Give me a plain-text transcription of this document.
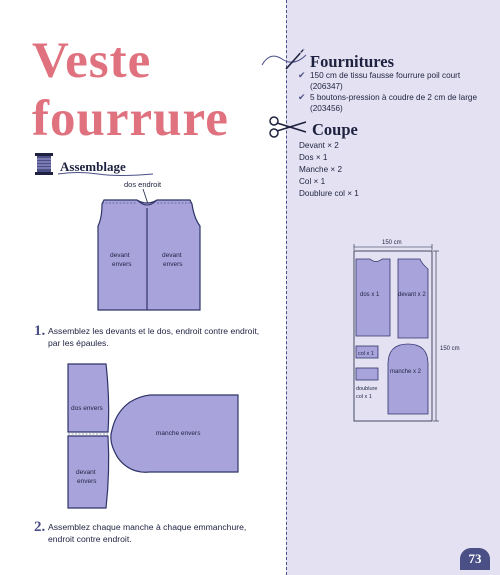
Veste
fourrure
Assemblage
dos endroit
devant
envers
devant
envers
1. Assemblez les devants et le dos, endroit contre endroit, par les épaules.
dos envers
manche envers
devant
envers
2. Assemblez chaque manche à chaque emmanchure, endroit contre endroit.
Fournitures
✔ 150 cm de tissu fausse fourrure poil court (206347)
✔ 5 boutons-pression à coudre de 2 cm de large (203456)
Coupe
Devant × 2
Dos × 1
Manche × 2
Col × 1
Doublure col × 1
150 cm
150 cm
dos x 1	devant x 2
col x 1
doublure
col x 1
manche x 2
73
